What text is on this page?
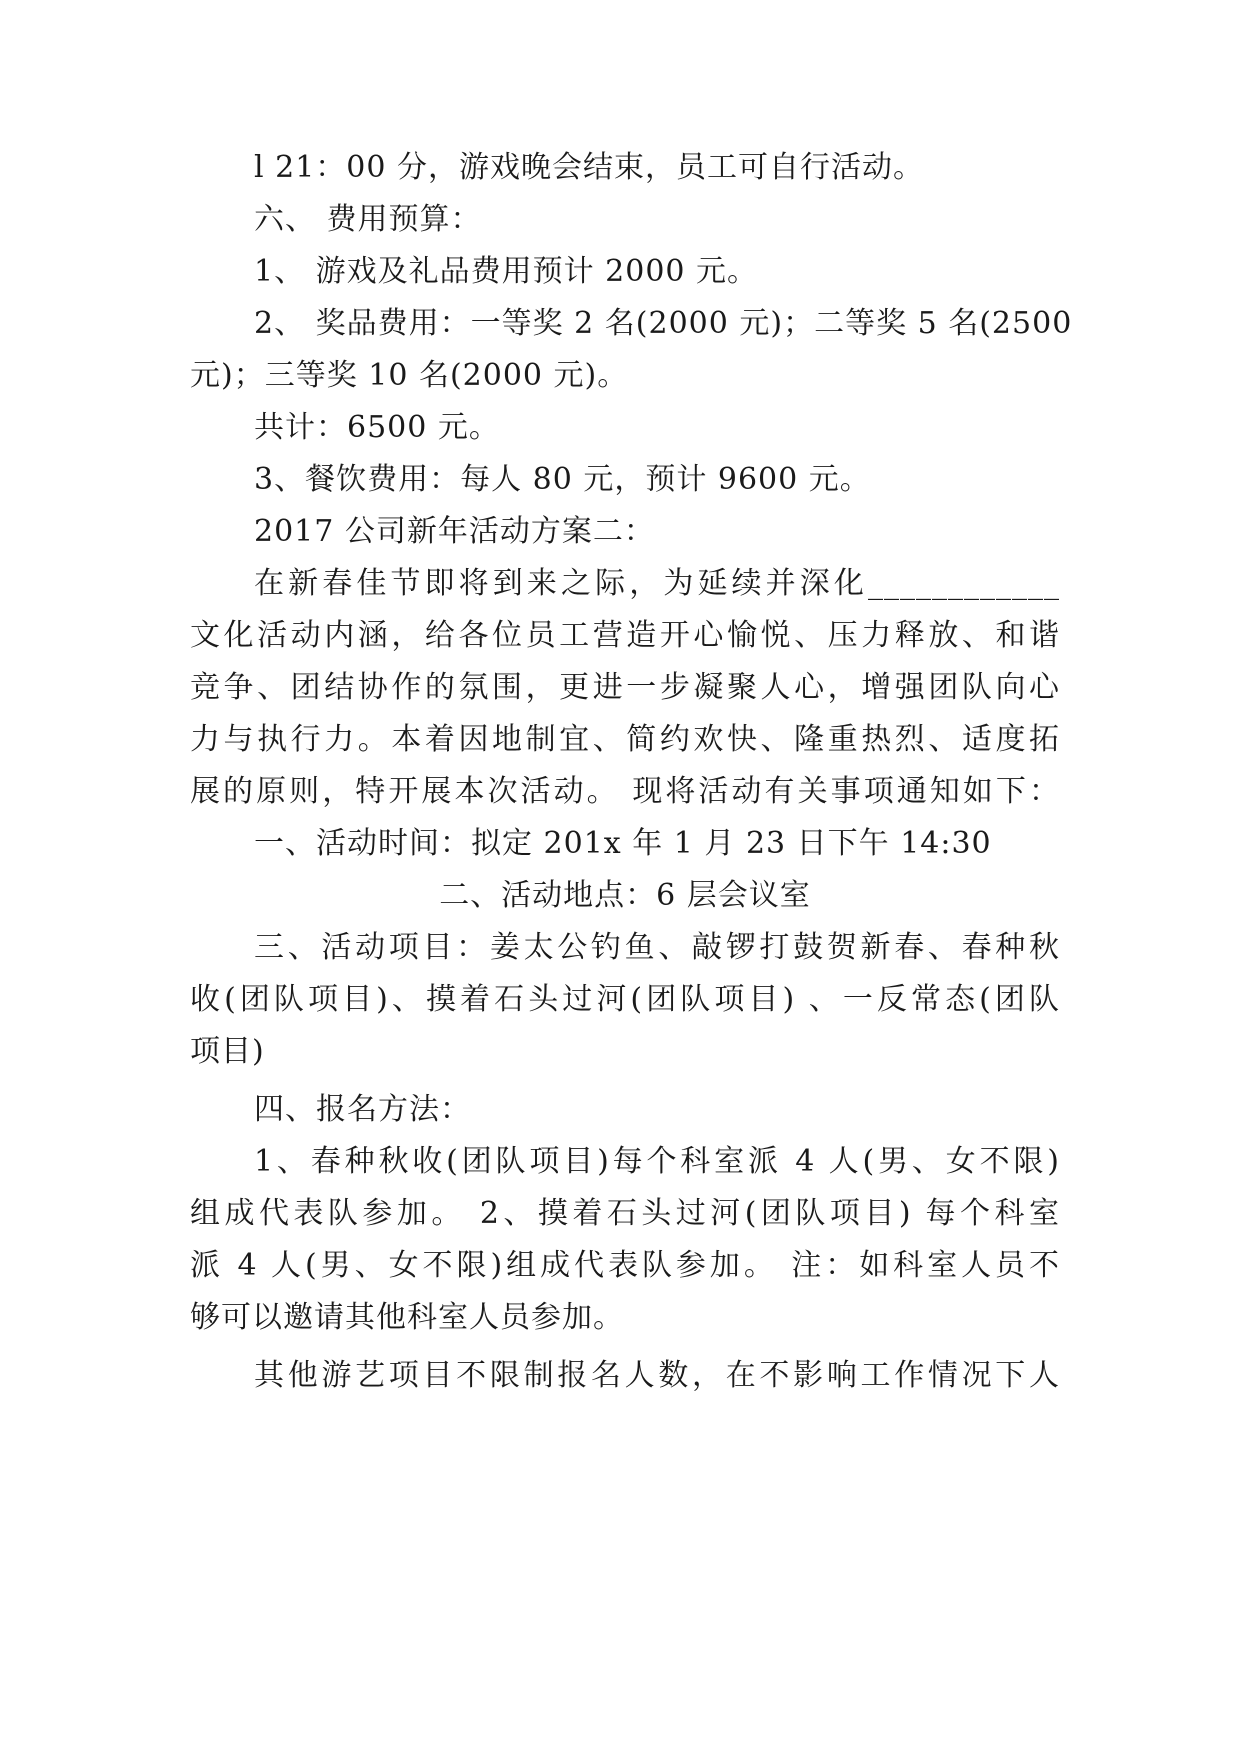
l 21：00 分，游戏晚会结束，员工可自行活动。
六、 费用预算：
1、 游戏及礼品费用预计 2000 元。
2、 奖品费用：一等奖 2 名(2000 元)；二等奖 5 名(2500
元)；三等奖 10 名(2000 元)。
共计：6500 元。
3、餐饮费用：每人 80 元，预计 9600 元。
2017 公司新年活动方案二：
在新春佳节即将到来之际，为延续并深化____________
文化活动内涵，给各位员工营造开心愉悦、压力释放、和谐
竞争、团结协作的氛围，更进一步凝聚人心，增强团队向心
力与执行力。本着因地制宜、简约欢快、隆重热烈、适度拓
展的原则，特开展本次活动。 现将活动有关事项通知如下：
一、活动时间：拟定 201x 年 1 月 23 日下午 14:30
二、活动地点：6 层会议室
三、活动项目：姜太公钓鱼、敲锣打鼓贺新春、春种秋
收(团队项目)、摸着石头过河(团队项目) 、一反常态(团队
项目)
四、报名方法：
1、春种秋收(团队项目)每个科室派 4 人(男、女不限)
组成代表队参加。 2、摸着石头过河(团队项目) 每个科室
派 4 人(男、女不限)组成代表队参加。 注：如科室人员不
够可以邀请其他科室人员参加。
其他游艺项目不限制报名人数，在不影响工作情况下人
